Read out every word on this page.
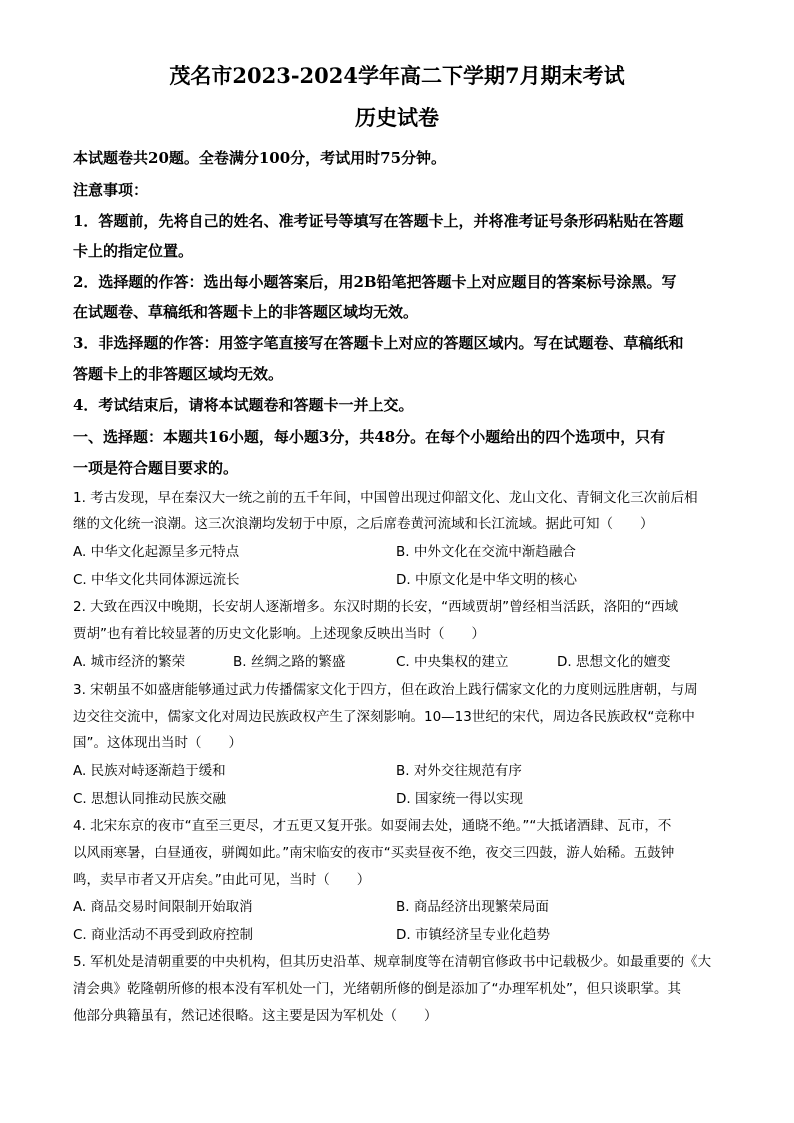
茂名市2023-2024学年高二下学期7月期末考试
历史试卷
本试题卷共20题。全卷满分100分，考试用时75分钟。
注意事项：
1．答题前，先将自己的姓名、准考证号等填写在答题卡上，并将准考证号条形码粘贴在答题
卡上的指定位置。
2．选择题的作答：选出每小题答案后，用2B铅笔把答题卡上对应题目的答案标号涂黑。写
在试题卷、草稿纸和答题卡上的非答题区域均无效。
3．非选择题的作答：用签字笔直接写在答题卡上对应的答题区域内。写在试题卷、草稿纸和
答题卡上的非答题区域均无效。
4．考试结束后，请将本试题卷和答题卡一并上交。
一、选择题：本题共16小题，每小题3分，共48分。在每个小题给出的四个选项中，只有
一项是符合题目要求的。
1. 考古发现，早在秦汉大一统之前的五千年间，中国曾出现过仰韶文化、龙山文化、青铜文化三次前后相
继的文化统一浪潮。这三次浪潮均发轫于中原，之后席卷黄河流域和长江流域。据此可知（　　）
A. 中华文化起源呈多元特点	B. 中外文化在交流中渐趋融合
C. 中华文化共同体源远流长	D. 中原文化是中华文明的核心
2. 大致在西汉中晚期，长安胡人逐渐增多。东汉时期的长安，“西域贾胡”曾经相当活跃，洛阳的“西域
贾胡”也有着比较显著的历史文化影响。上述现象反映出当时（　　）
A. 城市经济的繁荣	B. 丝绸之路的繁盛	C. 中央集权的建立	D. 思想文化的嬗变
3. 宋朝虽不如盛唐能够通过武力传播儒家文化于四方，但在政治上践行儒家文化的力度则远胜唐朝，与周
边交往交流中，儒家文化对周边民族政权产生了深刻影响。10—13世纪的宋代，周边各民族政权“竞称中
国”。这体现出当时（　　）
A. 民族对峙逐渐趋于缓和	B. 对外交往规范有序
C. 思想认同推动民族交融	D. 国家统一得以实现
4. 北宋东京的夜市“直至三更尽，才五更又复开张。如耍闹去处，通晓不绝。”“大抵诸酒肆、瓦市，不
以风雨寒暑，白昼通夜，骈阗如此。”南宋临安的夜市“买卖昼夜不绝，夜交三四鼓，游人始稀。五鼓钟
鸣，卖早市者又开店矣。”由此可见，当时（　　）
A. 商品交易时间限制开始取消	B. 商品经济出现繁荣局面
C. 商业活动不再受到政府控制	D. 市镇经济呈专业化趋势
5. 军机处是清朝重要的中央机构，但其历史沿革、规章制度等在清朝官修政书中记载极少。如最重要的《大
清会典》乾隆朝所修的根本没有军机处一门，光绪朝所修的倒是添加了“办理军机处”，但只谈职掌。其
他部分典籍虽有，然记述很略。这主要是因为军机处（　　）
